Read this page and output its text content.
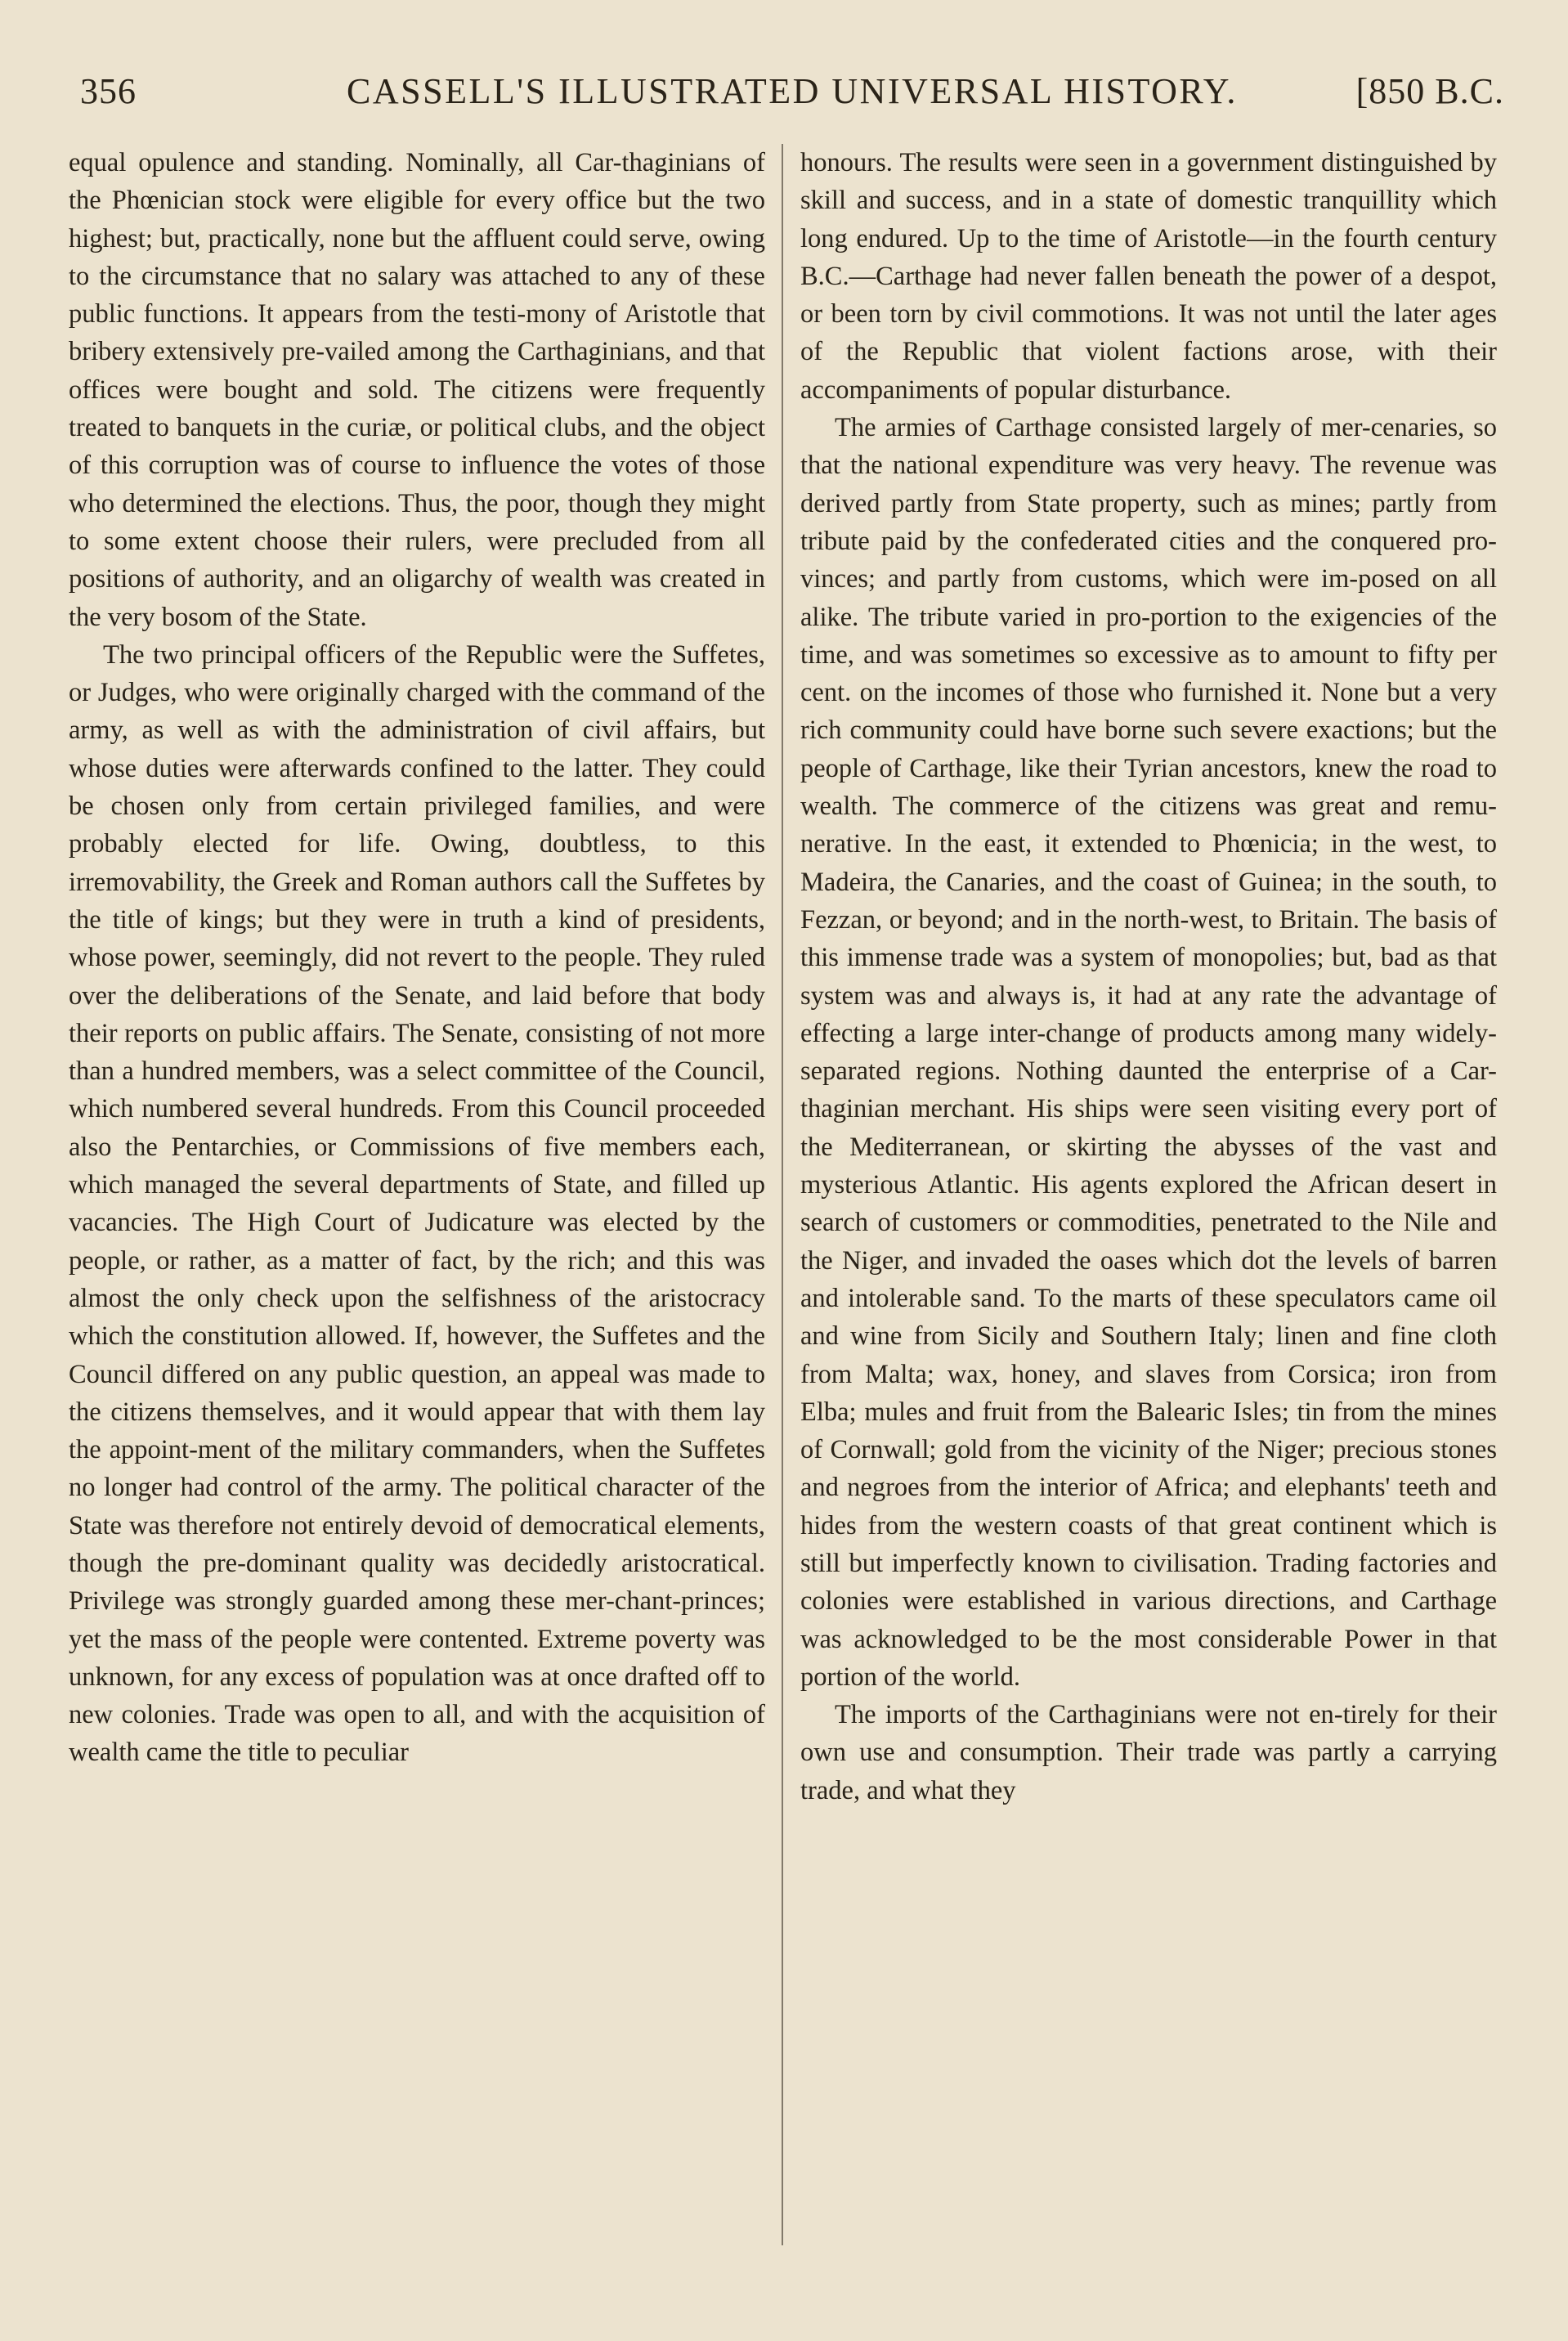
356	CASSELL'S ILLUSTRATED UNIVERSAL HISTORY.	[850 B.C.

equal opulence and standing. Nominally, all Car-thaginians of the Phœnician stock were eligible for every office but the two highest; but, practically, none but the affluent could serve, owing to the circumstance that no salary was attached to any of these public functions. It appears from the testi-mony of Aristotle that bribery extensively pre-vailed among the Carthaginians, and that offices were bought and sold. The citizens were frequently treated to banquets in the curiæ, or political clubs, and the object of this corruption was of course to influence the votes of those who determined the elections. Thus, the poor, though they might to some extent choose their rulers, were precluded from all positions of authority, and an oligarchy of wealth was created in the very bosom of the State.

The two principal officers of the Republic were the Suffetes, or Judges, who were originally charged with the command of the army, as well as with the administration of civil affairs, but whose duties were afterwards confined to the latter. They could be chosen only from certain privileged families, and were probably elected for life. Owing, doubtless, to this irremovability, the Greek and Roman authors call the Suffetes by the title of kings; but they were in truth a kind of presidents, whose power, seemingly, did not revert to the people. They ruled over the deliberations of the Senate, and laid before that body their reports on public affairs. The Senate, consisting of not more than a hundred members, was a select committee of the Council, which numbered several hundreds. From this Council proceeded also the Pentarchies, or Commissions of five members each, which managed the several departments of State, and filled up vacancies. The High Court of Judicature was elected by the people, or rather, as a matter of fact, by the rich; and this was almost the only check upon the selfishness of the aristocracy which the constitution allowed. If, however, the Suffetes and the Council differed on any public question, an appeal was made to the citizens themselves, and it would appear that with them lay the appoint-ment of the military commanders, when the Suffetes no longer had control of the army. The political character of the State was therefore not entirely devoid of democratical elements, though the pre-dominant quality was decidedly aristocratical. Privilege was strongly guarded among these mer-chant-princes; yet the mass of the people were contented. Extreme poverty was unknown, for any excess of population was at once drafted off to new colonies. Trade was open to all, and with the acquisition of wealth came the title to peculiar

honours. The results were seen in a government distinguished by skill and success, and in a state of domestic tranquillity which long endured. Up to the time of Aristotle—in the fourth century B.C.—Carthage had never fallen beneath the power of a despot, or been torn by civil commotions. It was not until the later ages of the Republic that violent factions arose, with their accompaniments of popular disturbance.

The armies of Carthage consisted largely of mer-cenaries, so that the national expenditure was very heavy. The revenue was derived partly from State property, such as mines; partly from tribute paid by the confederated cities and the conquered pro-vinces; and partly from customs, which were im-posed on all alike. The tribute varied in pro-portion to the exigencies of the time, and was sometimes so excessive as to amount to fifty per cent. on the incomes of those who furnished it. None but a very rich community could have borne such severe exactions; but the people of Carthage, like their Tyrian ancestors, knew the road to wealth. The commerce of the citizens was great and remu-nerative. In the east, it extended to Phœnicia; in the west, to Madeira, the Canaries, and the coast of Guinea; in the south, to Fezzan, or beyond; and in the north-west, to Britain. The basis of this immense trade was a system of monopolies; but, bad as that system was and always is, it had at any rate the advantage of effecting a large inter-change of products among many widely-separated regions. Nothing daunted the enterprise of a Car-thaginian merchant. His ships were seen visiting every port of the Mediterranean, or skirting the abysses of the vast and mysterious Atlantic. His agents explored the African desert in search of customers or commodities, penetrated to the Nile and the Niger, and invaded the oases which dot the levels of barren and intolerable sand. To the marts of these speculators came oil and wine from Sicily and Southern Italy; linen and fine cloth from Malta; wax, honey, and slaves from Corsica; iron from Elba; mules and fruit from the Balearic Isles; tin from the mines of Cornwall; gold from the vicinity of the Niger; precious stones and negroes from the interior of Africa; and elephants' teeth and hides from the western coasts of that great continent which is still but imperfectly known to civilisation. Trading factories and colonies were established in various directions, and Carthage was acknowledged to be the most considerable Power in that portion of the world.

The imports of the Carthaginians were not en-tirely for their own use and consumption. Their trade was partly a carrying trade, and what they
